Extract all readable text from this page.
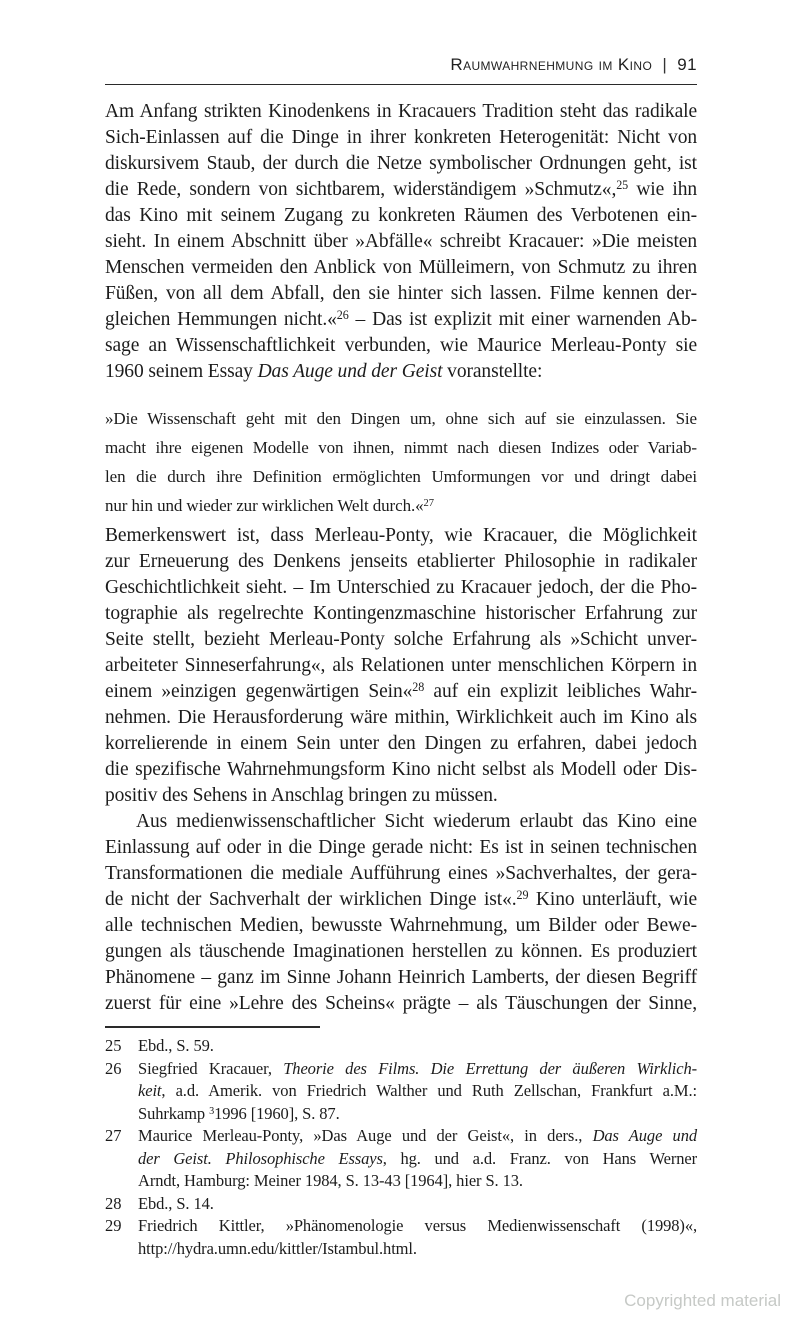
Raumwahrnehmung im Kino | 91
Am Anfang strikten Kinodenkens in Kracauers Tradition steht das radikale
Sich-Einlassen auf die Dinge in ihrer konkreten Heterogenität: Nicht von
diskursivem Staub, der durch die Netze symbolischer Ordnungen geht, ist
die Rede, sondern von sichtbarem, widerständigem »Schmutz«,$^{25}$ wie ihn
das Kino mit seinem Zugang zu konkreten Räumen des Verbotenen ein-
sieht. In einem Abschnitt über »Abfälle« schreibt Kracauer: »Die meisten
Menschen vermeiden den Anblick von Mülleimern, von Schmutz zu ihren
Füßen, von all dem Abfall, den sie hinter sich lassen. Filme kennen der-
gleichen Hemmungen nicht.«$^{26}$ – Das ist explizit mit einer warnenden Ab-
sage an Wissenschaftlichkeit verbunden, wie Maurice Merleau-Ponty sie
1960 seinem Essay Das Auge und der Geist voranstellte:
»Die Wissenschaft geht mit den Dingen um, ohne sich auf sie einzulassen. Sie
macht ihre eigenen Modelle von ihnen, nimmt nach diesen Indizes oder Variab-
len die durch ihre Definition ermöglichten Umformungen vor und dringt dabei
nur hin und wieder zur wirklichen Welt durch.«$^{27}$
Bemerkenswert ist, dass Merleau-Ponty, wie Kracauer, die Möglichkeit
zur Erneuerung des Denkens jenseits etablierter Philosophie in radikaler
Geschichtlichkeit sieht. – Im Unterschied zu Kracauer jedoch, der die Pho-
tographie als regelrechte Kontingenzmaschine historischer Erfahrung zur
Seite stellt, bezieht Merleau-Ponty solche Erfahrung als »Schicht unver-
arbeiteter Sinneserfahrung«, als Relationen unter menschlichen Körpern in
einem »einzigen gegenwärtigen Sein«$^{28}$ auf ein explizit leibliches Wahr-
nehmen. Die Herausforderung wäre mithin, Wirklichkeit auch im Kino als
korrelierende in einem Sein unter den Dingen zu erfahren, dabei jedoch
die spezifische Wahrnehmungsform Kino nicht selbst als Modell oder Dis-
positiv des Sehens in Anschlag bringen zu müssen.
Aus medienwissenschaftlicher Sicht wiederum erlaubt das Kino eine
Einlassung auf oder in die Dinge gerade nicht: Es ist in seinen technischen
Transformationen die mediale Aufführung eines »Sachverhaltes, der gera-
de nicht der Sachverhalt der wirklichen Dinge ist«.$^{29}$ Kino unterläuft, wie
alle technischen Medien, bewusste Wahrnehmung, um Bilder oder Bewe-
gungen als täuschende Imaginationen herstellen zu können. Es produziert
Phänomene – ganz im Sinne Johann Heinrich Lamberts, der diesen Begriff
zuerst für eine »Lehre des Scheins« prägte – als Täuschungen der Sinne,
25	Ebd., S. 59.
26	Siegfried Kracauer, Theorie des Films. Die Errettung der äußeren Wirklich-
keit, a.d. Amerik. von Friedrich Walther und Ruth Zellschan, Frankfurt a.M.:
Suhrkamp $^3$1996 [1960], S. 87.
27	Maurice Merleau-Ponty, »Das Auge und der Geist«, in ders., Das Auge und
der Geist. Philosophische Essays, hg. und a.d. Franz. von Hans Werner
Arndt, Hamburg: Meiner 1984, S. 13-43 [1964], hier S. 13.
28	Ebd., S. 14.
29	Friedrich Kittler, »Phänomenologie versus Medienwissenschaft (1998)«,
http://hydra.umn.edu/kittler/Istambul.html.
Copyrighted material
